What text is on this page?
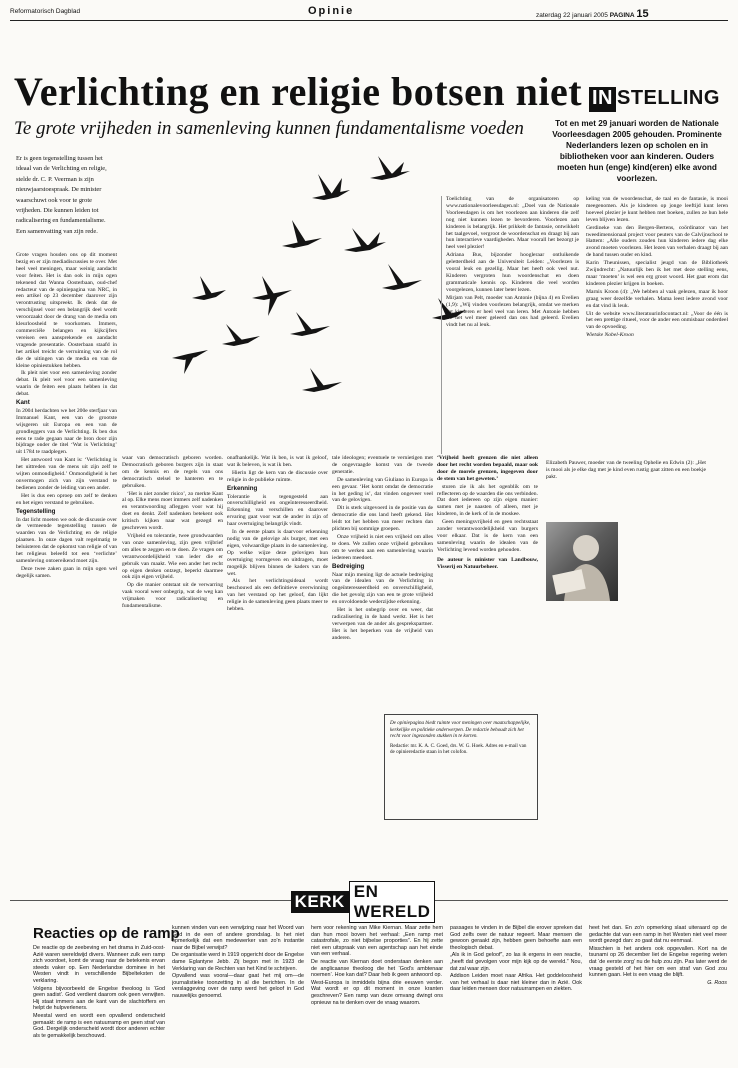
Reformatorisch Dagblad	Opinie	zaterdag 22 januari 2005 PAGINA 15
Verlichting en religie botsen niet
Te grote vrijheden in samenleving kunnen fundamentalisme voeden
IN STELLING
Tot en met 29 januari worden de Nationale Voorleesdagen 2005 gehouden. Prominente Nederlanders lezen op scholen en in bibliotheken voor aan kinderen. Ouders moeten hun (enge) kind(eren) elke avond voorlezen.
Er is geen tegenstelling tussen het ideaal van de Verlichting en religie, stelde dr. C. P. Veerman is zijn nieuwjaarstoespraak. De minister waarschuwt ook voor te grote vrijheden. Die kunnen leiden tot radicalisering en fundamentalisme. Een samenvatting van zijn rede.

Grote vragen houden ons op dit moment bezig en er zijn mediadiscussies te over. Met heel veel meningen, maar weinig aandacht voor feiten. Het is dan ook in mijn ogen tekenend dat Wanna Oosterbaan, oud-chef redacteur van de opiniepagina van NRC, in een artikel op 23 december daarover zijn verontrusting uitspreekt. Ik denk dat de verschijnsel voor een belangrijk deel wordt veroorzaakt door de drang van de media om kleurloosheid te voorkomen. Immers, commerciële belangen en kijkcijfers vereisen een aansprekende en aandacht vragende presentatie. Oosterbaan staafd in het artikel treicht de verruiming van de rol die de uitingen van de media en van de kleine opiniestukken hebben.

Ik pleit niet voor een samenleving zonder debat. Ik pleit wel voor een samenleving waarin de feiten een plaats hebben in dat debat.

Kant

In 2004 herdachten we het 200e sterfjaar van Immanuel Kant, een van de grootste wijsgeren uit Europa en een van de grondleggers van de Verlichting. Ik ben dus eens te rade gegaan naar de bron door zijn bijdrage onder de titel ‘Wat is Verlichting’ uit 1784 te raadplegen.

Het antwoord van Kant is: ‘Verlichting is het uittreden van de mens uit zijn zelf te wijten onmondigheid.’ Onmondigheid is het onvermogen zich van zijn verstand te bedienen zonder de leiding van een ander.

Het is dus een oproep om zelf te denken en het eigen verstand te gebruiken.

Tegenstelling

In dat licht moeten we ook de discussie over de vermeende tegenstelling tussen de waarden van de Verlichting en de religie plaatsen. In onze dagen valt regelmatig te beluisteren dat de opkomst van religie of van het religieus beleefd tot een ‘verlichte’ samenleving ontoereikend moet zijn.

Deze twee zaken gaan in mijn ogen wel degelijk samen.

waar van democratisch geboren worden. Democratisch geboren burgers zijn in staat om de kennis en de regels van ons democratisch stelsel te hanteren en te gebruiken.

‘Het is niet zonder risico’, zo merkte Kant al op. Elke mens moet immers zelf nadenken en verantwoording afleggen voor wat hij doet en denkt. Zelf nadenken betekent ook kritisch kijken naar wat gezegd en geschreven wordt.

Vrijheid en tolerantie, twee grondwaarden van onze samenleving, zijn geen vrijbrief om alles te zeggen en te doen. Ze vragen om verantwoordelijkheid van ieder die er gebruik van maakt. Wie een ander het recht op eigen denken ontzegt, beperkt daarmee ook zijn eigen vrijheid.

Op die manier ontstaat uit de verwarring vaak vooral weer onbegrip, wat de weg kan vrijmaken voor radicalisering en fundamentalisme.

onafhankelijk. Wat ik ben, is wat ik geloof, wat ik beleven, is wat ik ben.

Hierin ligt de kern van de discussie over religie in de publieke ruimte.

Erkenning

Tolerantie is tegengesteld aan onverschilligheid en ongeïnteresseerdheid. Erkenning van verschillen en daarover ervaring gaat voor wat de ander in zijn of haar overtuiging belangrijk vindt.

In de eerste plaats is daarvoor erkenning nodig van de gelovige als burger, met een eigen, volwaardige plaats in de samenleving. Op welke wijze deze gelovigen hun overtuiging vormgeven en uitdragen, moet mogelijk blijven binnen de kaders van de wet.

Als het verlichtingsideaal wordt beschouwd als een definitieve overwinning van het verstand op het geloof, dan lijkt religie in de samenleving geen plaats meer te hebben.

tale ideologen; eventuele te vernietigen met de ongevraagde komst van de tweede generatie.

De samenleving van Giuliano in Europa is een gevaar. ‘Het komt omdat de democratie in het geding is’, dat vinden ongeveer veel van de gelovigen.

Dit is sterk uitgevoerd in de positie van de democratie die ons land heeft gekend. Het leidt tot het hebben van meer rechten dan plichten bij sommige groepen.

Onze vrijheid is niet een vrijheid om alles te doen. We zullen onze vrijheid gebruiken om te werken aan een samenleving waarin iedereen meedoet.

Bedreiging

Naar mijn mening ligt de actuele bedreiging van de idealen van de Verlichting in ongeïnteresseerdheid en onverschilligheid, die het gevolg zijn van een te grote vrijheid en onvoldoende wederzijdse erkenning.

Het is het onbegrip over en weer, dat radicalisering in de hand werkt. Het is het verwerpen van de ander als gesprekspartner. Het is het beperken van de vrijheid van anderen.

‘Vrijheid heeft grenzen die niet alleen door het recht worden bepaald, maar ook door de morele grenzen, ingegeven door de stem van het geweten.’

sturen zie ik als het ogenblik om te reflecteren op de waarden die ons verbinden. Dat doet iedereen op zijn eigen manier: samen met je naasten of alleen, met je kinderen, in de kerk of in de moskee.

Geen meningsvrijheid en geen rechtsstaat zonder verantwoordelijkheid van burgers voor elkaar. Dat is de kern van een samenleving waarin de idealen van de Verlichting levend worden gehouden.

De auteur is minister van Landbouw, Visserij en Natuurbeheer.

De opiniepagina biedt ruimte voor meningen over maatschappelijke, kerkelijke en politieke onderwerpen. De redactie behoudt zich het recht voor ingezonden stukken in te korten.

Redactie: mr. K. A. C. Goed, drs. W. G. Hoek. Adres en e-mail van de opinieredactie staan in het colofon.

Toelichting van de organisatoren op www.nationalevoorleesdagen.nl: „Doel van de Nationale Voorleesdagen is om het voorlezen aan kinderen die zelf nog niet kunnen lezen te bevorderen. Voorlezen aan kinderen is belangrijk. Het prikkelt de fantasie, ontwikkelt het taalgevoel, vergroot de woordenschat en draagt bij aan hun interactieve vaardigheden. Maar voorall het bezorgt je heel veel plezier!

Adriana Bus, bijzonder hoogleraar ontluikende geletterdheid aan de Universiteit Leiden: „Voorlezen is vooral leuk en gezellig. Maar het heeft ook veel nut. Kinderen vergroten hun woordenschat en doen grammaticale kennis op. Kinderen die veel worden voorgelezen, kunnen later beter lezen.

Mirjam van Pelt, moeder van Antonie (bijna 4) en Evelien (1,9): „Wij vinden voorlezen belangrijk, omdat we merken dat kinderen er heel veel van leren. Met Antonie hebben we het wel meer geleerd dan ons had geleerd. Evelien vindt het nu al leuk.

Elizabeth Pauwer, moeder van de tweeling Ophelie en Edwin (2): „Het is mooi als je elke dag met je kind even rustig gaat zitten en een boekje pakt.

keling van de woordenschat, de taal en de fantasie, is mooi meegenomen. Als je kinderen op jonge leeftijd kunt leren hoeveel plezier je kunt hebben met boeken, zullen ze hun hele leven blijven lezen.

Gerdineke van den Bergen-Bertens, coördinator van het tweedimensionaal project voor peuters van de Calvijnschool te Hattem: „Alle ouders zouden hun kinderen iedere dag elke avond moeten voorlezen. Het lezen van verhalen draagt bij aan de band tussen ouder en kind.

Karin Theunissen, specialist jeugd van de Bibliotheek Zwijndrecht: „Natuurlijk ben ik het met deze stelling eens, maar ‘moeten’ is wel een erg groot woord. Het gaat erom dat kinderen plezier krijgen in boeken.

Marnix Kroon (4): „We hebben al vaak gelezen, maar ik hoor graag weer dezelfde verhalen. Mama leest iedere avond voor en dat vind ik leuk.

Uit de website www.literatuurinfocontact.nl: „Voor de één is het een prettige ritueel, voor de ander een onmisbaar onderdeel van de opvoeding.

Wietske Nobel-Kroon

KERK
EN WERELD
Reacties op de ramp

De reactie op de zeebeving en het drama in Zuid-oost-Azië waren wereldwijd divers. Wanneer zulk een ramp zich voordoet, komt de vraag naar de betekenis ervan steeds vaker op. Een Nederlandse dominee in het Westen vindt in verschillende Bijbelteksten de verklaring.

Volgens bijvoorbeeld de Engelse theoloog is ‘God geen sadist’. God verdient daarom ook geen verwijten. Hij staat immers aan de kant van de slachtoffers en helpt de hulpverleners.

Meestal werd en wordt een opvallend onderscheid gemaakt: de ramp is een natuurramp en geen straf van God. Dergelijk onderscheid wordt door anderen echter als te gemakkelijk beschouwd.

kunnen vinden van een verwijzing naar het Woord van God in de een of andere grondslag. Is het niet opmerkelijk dat een medewerker van zo'n instantie naar de Bijbel verwijst?

De organisatie werd in 1919 opgericht door de Engelse dame Eglantyne Jebb. Zij begon met in 1923 de Verklaring van de Rechten van het Kind te schrijven.

Opvallend was vooral—daar gaat het mij om—de journalistieke toonzetting in al die berichten. In de verslaggeving over de ramp werd het geloof in God nauwelijks genoemd.

hem voor rekening van Mike Kiernan. Maar zette hem dan hun mooi boven het verhaal: „Een ramp met catastrofale, zo niet bijbelse proporties”. En hij zette niet een uitspraak van een agentschap aan het einde van een verhaal.

De reactie van Kiernan doet onderstaan denken aan de anglicaanse theoloog die het ‘God’s ambtenaar noemen’. Hoe kan dat? Daar heb ik geen antwoord op.

West-Europa is inmiddels bijna drie eeuwen verder. Wat wordt er op dit moment in onze kranten geschreven? Een ramp van deze omvang dwingt ons opnieuw na te denken over de vraag waarom.

passages te vinden in de Bijbel die erover spreken dat God zelfs over de natuur regeert. Maar mensen die gewoon geraakt zijn, hebben geen behoefte aan een theologisch debat.

„Als ik in God geloof”, zo las ik ergens in een reactie, „heeft dat gevolgen voor mijn kijk op de wereld.” Nou, dat zal waar zijn.

Addison Leiden moet naar Afrika. Het goddeloosheid van het verhaal is daar niet kleiner dan in Azië. Ook daar leiden mensen door natuurrampen en ziekten.

heet het dan. En zo'n opmerking slaat uiteraard op de gedachte dat van een ramp in het Westen niet veel meer wordt gezegd dan: zo gaat dat nu eenmaal.

Misschien is het anders ook opgevallen. Kort na de tsunami op 26 december liet de Engelse regering weten dat ‘de eerste zorg’ nu de hulp zou zijn. Pas later werd de vraag gesteld of het hier om een straf van God zou kunnen gaan. Het is een vraag die blijft.

G. Roos
